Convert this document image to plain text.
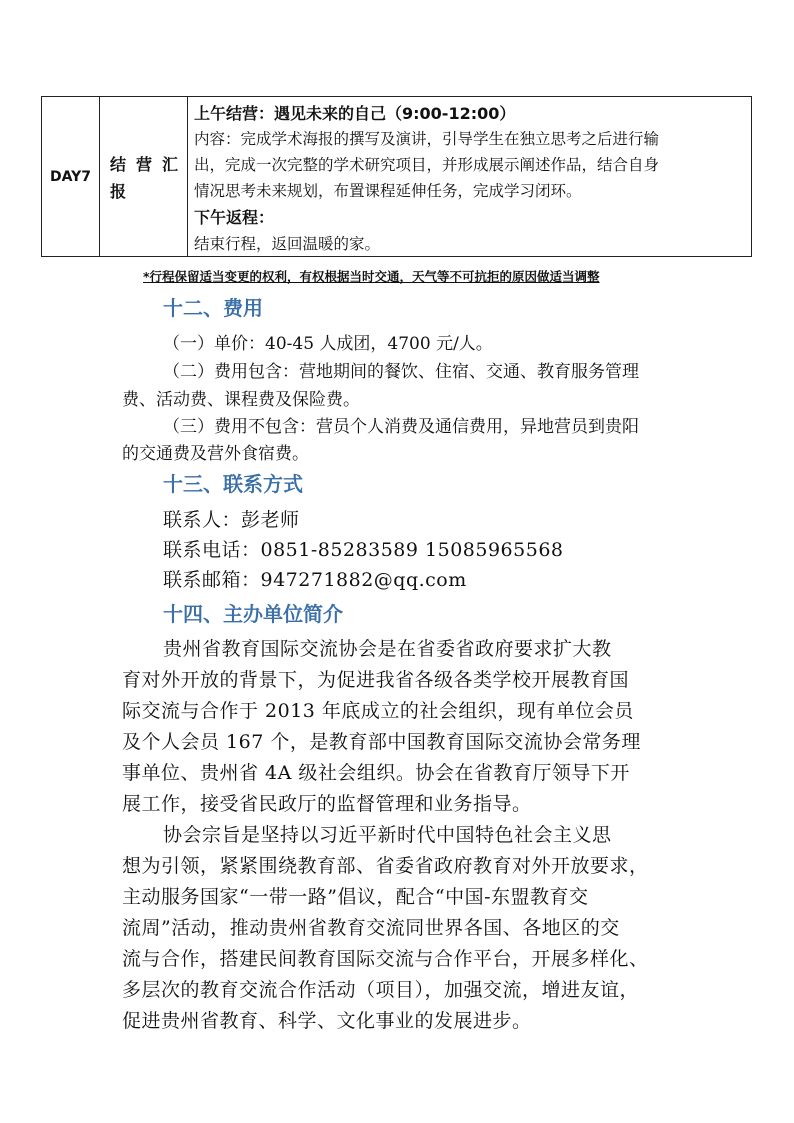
DAY7
结营汇
报
上午结营：遇见未来的自己（9:00-12:00）
内容：完成学术海报的撰写及演讲，引导学生在独立思考之后进行输
出，完成一次完整的学术研究项目，并形成展示阐述作品，结合自身
情况思考未来规划，布置课程延伸任务，完成学习闭环。
下午返程：
结束行程，返回温暖的家。
*行程保留适当变更的权利，有权根据当时交通，天气等不可抗拒的原因做适当调整
十二、费用
（一）单价：40-45 人成团，4700 元/人。
（二）费用包含：营地期间的餐饮、住宿、交通、教育服务管理
费、活动费、课程费及保险费。
（三）费用不包含：营员个人消费及通信费用，异地营员到贵阳
的交通费及营外食宿费。
十三、联系方式
联系人：彭老师
联系电话：0851-85283589 15085965568
联系邮箱：947271882@qq.com
十四、主办单位简介
贵州省教育国际交流协会是在省委省政府要求扩大教
育对外开放的背景下，为促进我省各级各类学校开展教育国
际交流与合作于 2013 年底成立的社会组织，现有单位会员
及个人会员 167 个，是教育部中国教育国际交流协会常务理
事单位、贵州省 4A 级社会组织。协会在省教育厅领导下开
展工作，接受省民政厅的监督管理和业务指导。
协会宗旨是坚持以习近平新时代中国特色社会主义思
想为引领，紧紧围绕教育部、省委省政府教育对外开放要求，
主动服务国家“一带一路”倡议，配合“中国-东盟教育交
流周”活动，推动贵州省教育交流同世界各国、各地区的交
流与合作，搭建民间教育国际交流与合作平台，开展多样化、
多层次的教育交流合作活动（项目），加强交流，增进友谊，
促进贵州省教育、科学、文化事业的发展进步。
